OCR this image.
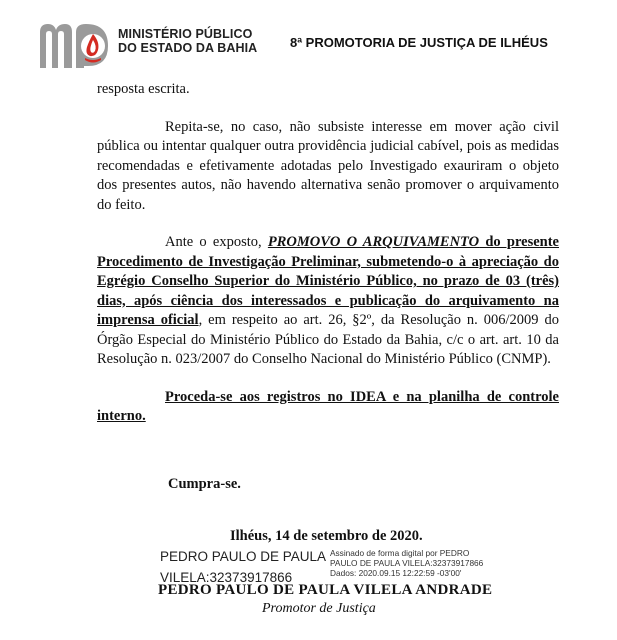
MINISTÉRIO PÚBLICO
DO ESTADO DA BAHIA	8ª PROMOTORIA DE JUSTIÇA DE ILHÉUS

resposta escrita.

Repita-se, no caso, não subsiste interesse em mover ação civil pública ou intentar qualquer outra providência judicial cabível, pois as medidas recomendadas e efetivamente adotadas pelo Investigado exauriram o objeto dos presentes autos, não havendo alternativa senão promover o arquivamento do feito.

Ante o exposto, PROMOVO O ARQUIVAMENTO do presente Procedimento de Investigação Preliminar, submetendo-o à apreciação do Egrégio Conselho Superior do Ministério Público, no prazo de 03 (três) dias, após ciência dos interessados e publicação do arquivamento na imprensa oficial, em respeito ao art. 26, §2º, da Resolução n. 006/2009 do Órgão Especial do Ministério Público do Estado da Bahia, c/c o art. art. 10 da Resolução n. 023/2007 do Conselho Nacional do Ministério Público (CNMP).

Proceda-se aos registros no IDEA e na planilha de controle interno.

Cumpra-se.
Ilhéus, 14 de setembro de 2020.
PEDRO PAULO DE PAULA
VILELA:32373917866
Assinado de forma digital por PEDRO
PAULO DE PAULA VILELA:32373917866
Dados: 2020.09.15 12:22:59 -03'00'
PEDRO PAULO DE PAULA VILELA ANDRADE
Promotor de Justiça
